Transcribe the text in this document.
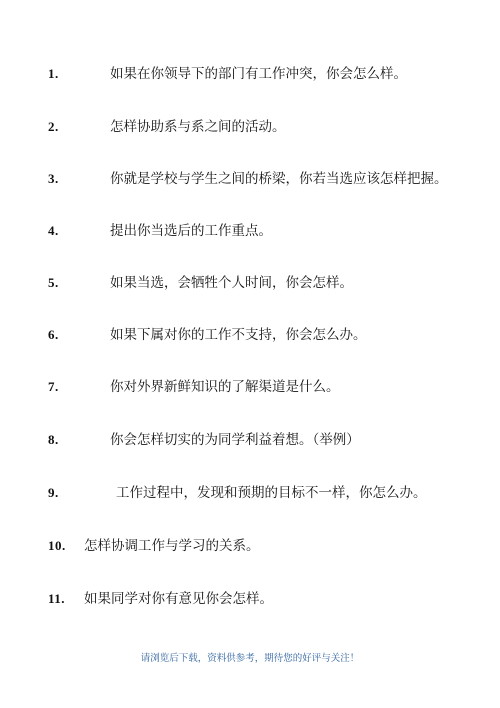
1.	如果在你领导下的部门有工作冲突，你会怎么样。
2.	怎样协助系与系之间的活动。
3.	你就是学校与学生之间的桥梁，你若当选应该怎样把握。
4.	提出你当选后的工作重点。
5.	如果当选，会牺牲个人时间，你会怎样。
6.	如果下属对你的工作不支持，你会怎么办。
7.	你对外界新鲜知识的了解渠道是什么。
8.	你会怎样切实的为同学利益着想。（举例）
9.	工作过程中，发现和预期的目标不一样，你怎么办。
10. 怎样协调工作与学习的关系。
11. 如果同学对你有意见你会怎样。
请浏览后下载，资料供参考，期待您的好评与关注！
